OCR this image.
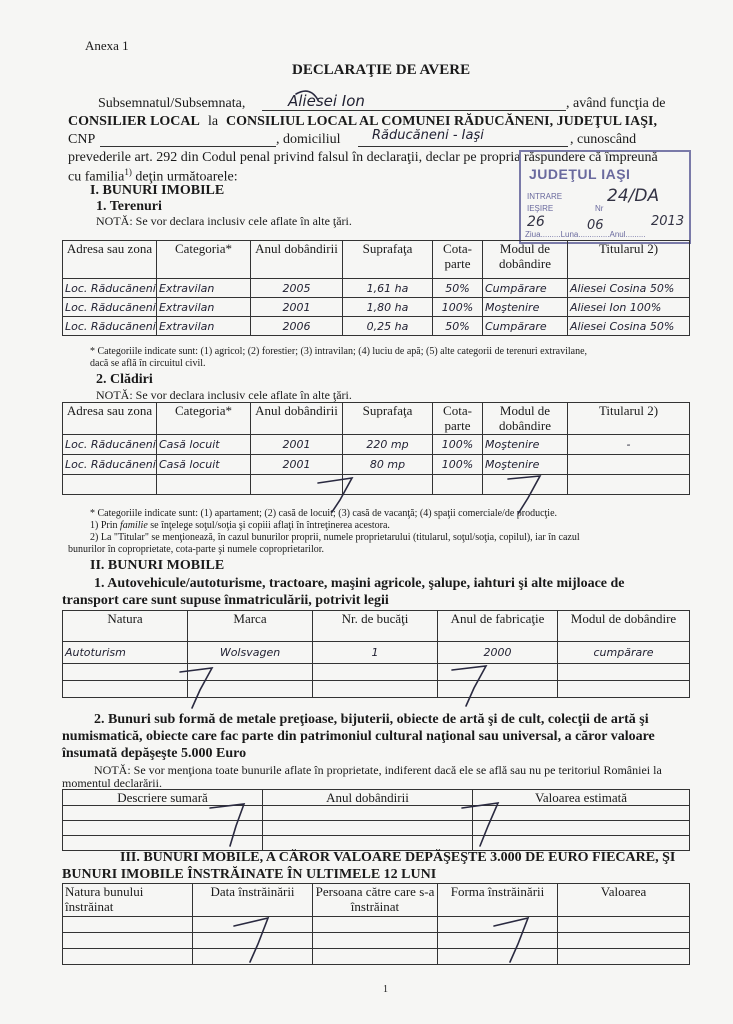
Anexa 1
DECLARAŢIE DE AVERE
Subsemnatul/Subsemnata,	Aliesei Ion	, având funcţia de
CONSILIER LOCAL la CONSILIUL LOCAL AL COMUNEI RĂDUCĂNENI, JUDEŢUL IAŞI,
CNP	, domiciliul Răducăneni - Iaşi	, cunoscând
prevederile art. 292 din Codul penal privind falsul în declaraţii, declar pe propria răspundere că împreună
cu familia$^{1)}$ deţin următoarele:	JUDEŢUL IAŞI
INTRARE
IEŞIRE	Nr
24/DA
26	06	2013
Ziua.........Luna..............Anul.........
I. BUNURI IMOBILE
1. Terenuri
NOTĂ: Se vor declara inclusiv cele aflate în alte ţări.
Adresa sau zona	Categoria*	Anul dobândirii	Suprafaţa	Cota-parte	Modul de dobândire	Titularul 2)
Loc. Răducăneni	Extravilan	2005	1,61 ha	50%	Cumpărare	Aliesei Cosina 50%
Loc. Răducăneni	Extravilan	2001	1,80 ha	100%	Moştenire	Aliesei Ion 100%
Loc. Răducăneni	Extravilan	2006	0,25 ha	50%	Cumpărare	Aliesei Cosina 50%
* Categoriile indicate sunt: (1) agricol; (2) forestier; (3) intravilan; (4) luciu de apă; (5) alte categorii de terenuri extravilane,
dacă se află în circuitul civil.
2. Clădiri
NOTĂ: Se vor declara inclusiv cele aflate în alte ţări.
Adresa sau zona	Categoria*	Anul dobândirii	Suprafaţa	Cota-parte	Modul de dobândire	Titularul 2)
Loc. Răducăneni	Casă locuit	2001	220 mp	100%	Moştenire	-
Loc. Răducăneni	Casă locuit	2001	80 mp	100%	Moştenire	

* Categoriile indicate sunt: (1) apartament; (2) casă de locuit; (3) casă de vacanţă; (4) spaţii comerciale/de producţie.
1) Prin familie se înţelege soţul/soţia şi copiii aflaţi în întreţinerea acestora.
2) La "Titular" se menţionează, în cazul bunurilor proprii, numele proprietarului (titularul, soţul/soţia, copilul), iar în cazul
bunurilor în coproprietate, cota-parte şi numele coproprietarilor.
II. BUNURI MOBILE
1. Autovehicule/autoturisme, tractoare, maşini agricole, şalupe, iahturi şi alte mijloace de
transport care sunt supuse înmatriculării, potrivit legii
Natura	Marca	Nr. de bucăţi	Anul de fabricaţie	Modul de dobândire
Autoturism	Wolsvagen	1	2000	cumpărare

2. Bunuri sub formă de metale preţioase, bijuterii, obiecte de artă şi de cult, colecţii de artă şi
numismatică, obiecte care fac parte din patrimoniul cultural naţional sau universal, a căror valoare
însumată depăşeşte 5.000 Euro
NOTĂ: Se vor menţiona toate bunurile aflate în proprietate, indiferent dacă ele se află sau nu pe teritoriul României la
momentul declarării.
Descriere sumară	Anul dobândirii	Valoarea estimată

III. BUNURI MOBILE, A CĂROR VALOARE DEPĂŞEŞTE 3.000 DE EURO FIECARE, ŞI
BUNURI IMOBILE ÎNSTRĂINATE ÎN ULTIMELE 12 LUNI
Natura bunului înstrăinat	Data înstrăinării	Persoana către care s-a înstrăinat	Forma înstrăinării	Valoarea

1
